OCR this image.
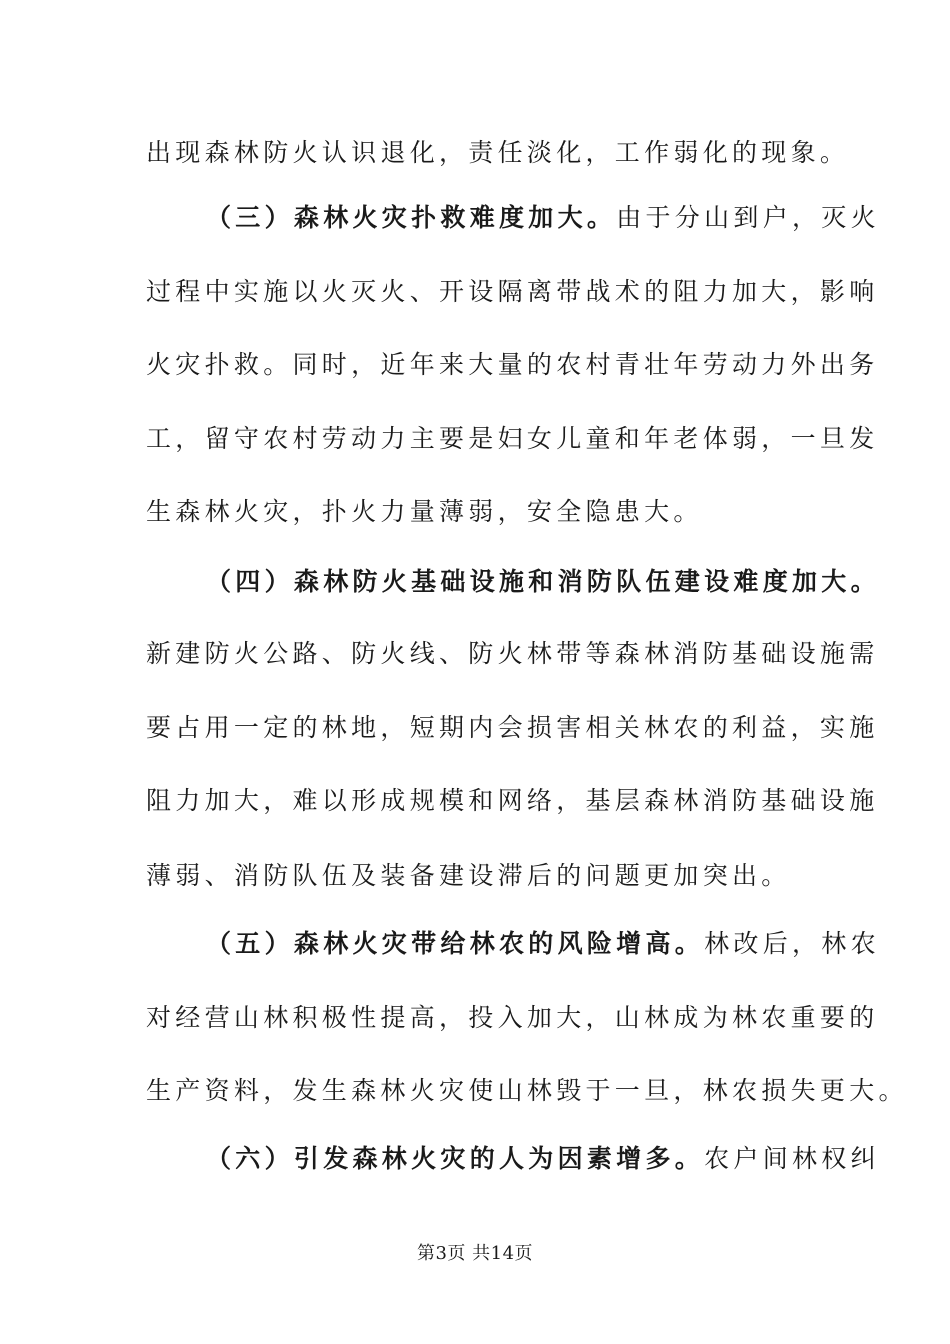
出现森林防火认识退化，责任淡化，工作弱化的现象。
（三）森林火灾扑救难度加大。由于分山到户，灭火
过程中实施以火灭火、开设隔离带战术的阻力加大，影响
火灾扑救。同时，近年来大量的农村青壮年劳动力外出务
工，留守农村劳动力主要是妇女儿童和年老体弱，一旦发
生森林火灾，扑火力量薄弱，安全隐患大。
（四）森林防火基础设施和消防队伍建设难度加大。
新建防火公路、防火线、防火林带等森林消防基础设施需
要占用一定的林地，短期内会损害相关林农的利益，实施
阻力加大，难以形成规模和网络，基层森林消防基础设施
薄弱、消防队伍及装备建设滞后的问题更加突出。
（五）森林火灾带给林农的风险增高。林改后，林农
对经营山林积极性提高，投入加大，山林成为林农重要的
生产资料，发生森林火灾使山林毁于一旦，林农损失更大。
（六）引发森林火灾的人为因素增多。农户间林权纠
第3页 共14页
